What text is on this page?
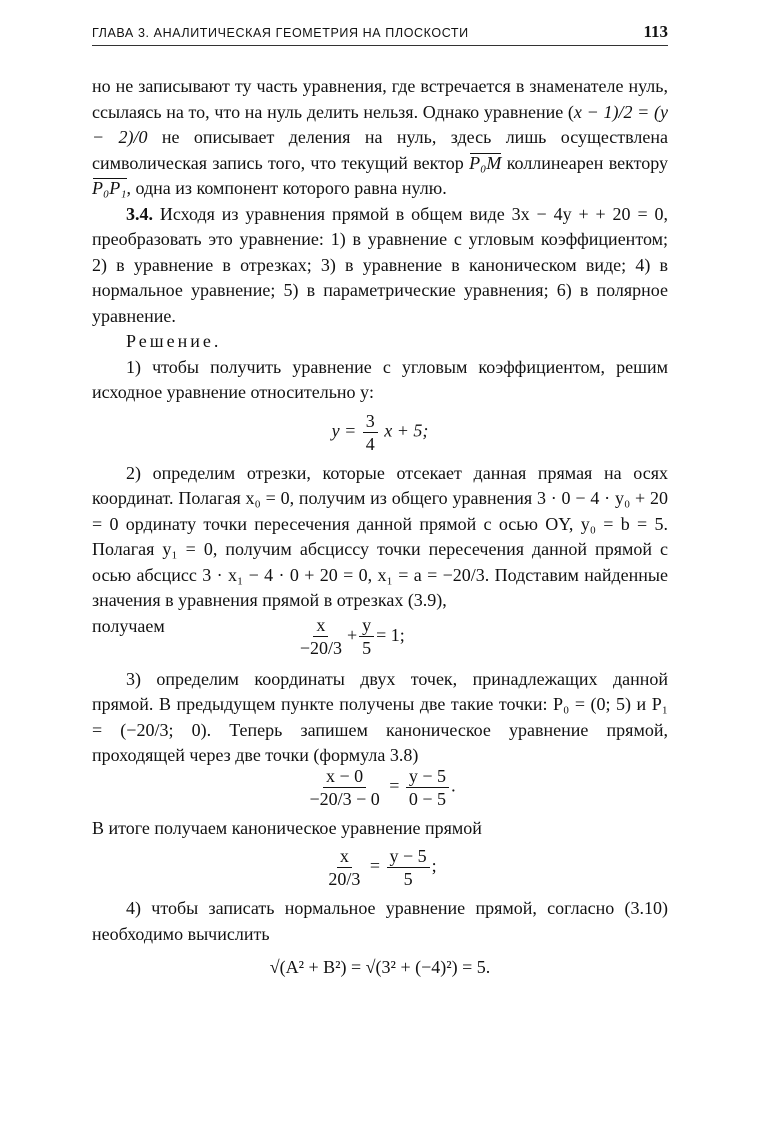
ГЛАВА 3. АНАЛИТИЧЕСКАЯ ГЕОМЕТРИЯ НА ПЛОСКОСТИ	113

но не записывают ту часть уравнения, где встречается в знаменателе нуль, ссылаясь на то, что на нуль делить нельзя. Однако уравнение (x − 1)/2 = (y − 2)/0 не описывает деления на нуль, здесь лишь осуществлена символическая запись того, что текущий вектор P₀M коллинеарен вектору P₀P₁, одна из компонент которого равна нулю.

3.4. Исходя из уравнения прямой в общем виде 3x − 4y + + 20 = 0, преобразовать это уравнение: 1) в уравнение с угловым коэффициентом; 2) в уравнение в отрезках; 3) в уравнение в каноническом виде; 4) в нормальное уравнение; 5) в параметрические уравнения; 6) в полярное уравнение.

Решение.

1) чтобы получить уравнение с угловым коэффициентом, решим исходное уравнение относительно y:

$y = \frac{3}{4}$ x + 5;

2) определим отрезки, которые отсекает данная прямая на осях координат. Полагая x₀ = 0, получим из общего уравнения 3 · 0 − 4 · y₀ + 20 = 0 ординату точки пересечения данной прямой с осью OY, y₀ = b = 5. Полагая y₁ = 0, получим абсциссу точки пересечения данной прямой с осью абсцисс 3 · x₁ − 4 · 0 + 20 = 0, x₁ = a = −20/3. Подставим найденные значения в уравнения прямой в отрезках (3.9),

получаем	$\frac{x}{-20/3} + \frac{y}{5} = 1$;

3) определим координаты двух точек, принадлежащих данной прямой. В предыдущем пункте получены две такие точки: P₀ = (0; 5) и P₁ = (−20/3; 0). Теперь запишем каноническое уравнение прямой, проходящей через две точки (формула 3.8)

$\frac{x - 0}{-20/3 - 0} = \frac{y - 5}{0 - 5}$ .

В итоге получаем каноническое уравнение прямой

$\frac{x}{20/3} = \frac{y - 5}{5}$ ;

4) чтобы записать нормальное уравнение прямой, согласно (3.10) необходимо вычислить

√(A² + B²) = √(3² + (−4)²) = 5.
